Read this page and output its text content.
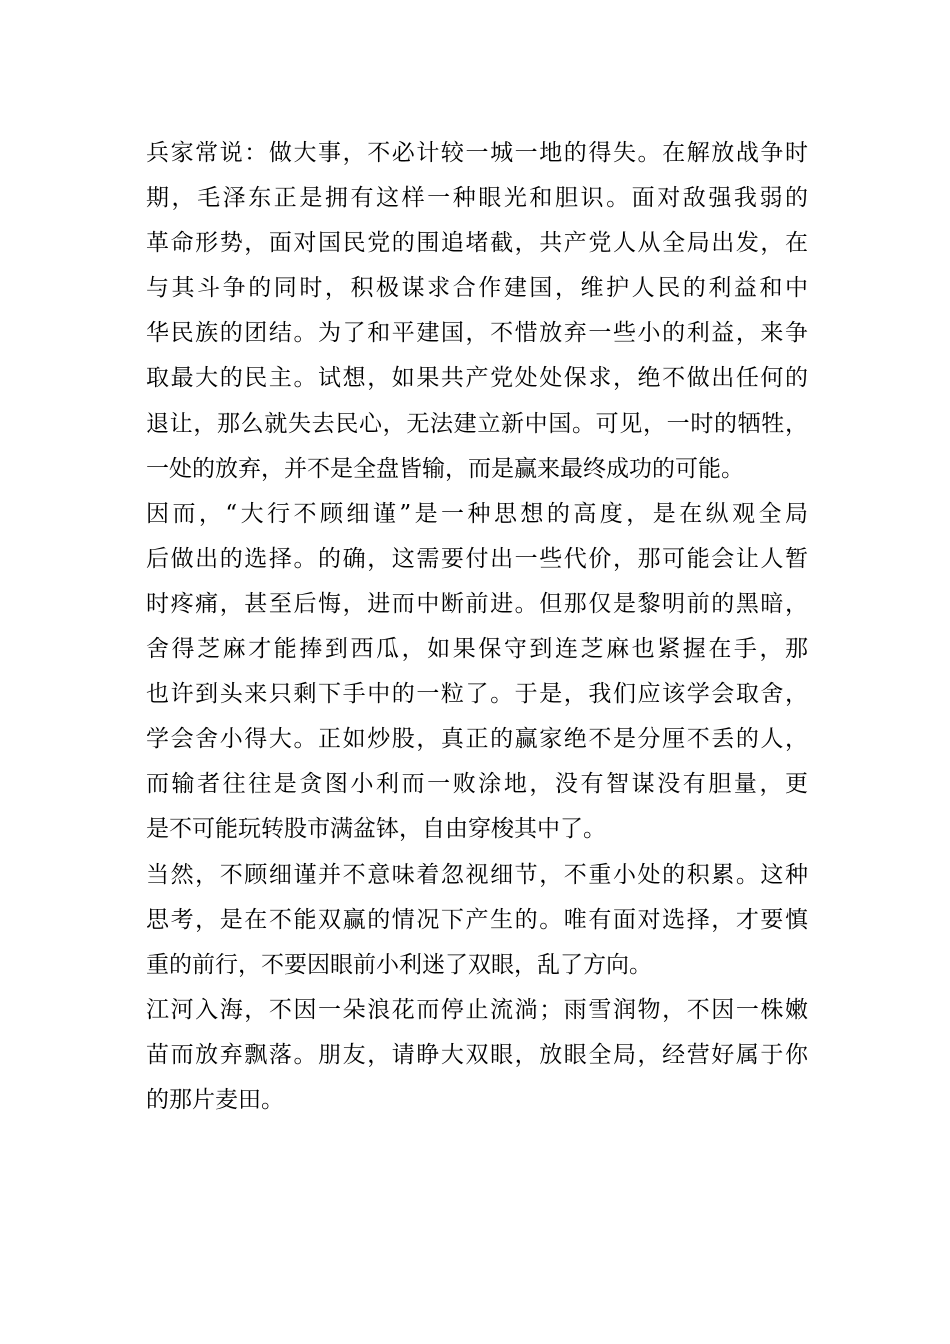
兵家常说：做大事，不必计较一城一地的得失。在解放战争时
期，毛泽东正是拥有这样一种眼光和胆识。面对敌强我弱的
革命形势，面对国民党的围追堵截，共产党人从全局出发，在
与其斗争的同时，积极谋求合作建国，维护人民的利益和中
华民族的团结。为了和平建国，不惜放弃一些小的利益，来争
取最大的民主。试想，如果共产党处处保求，绝不做出任何的
退让，那么就失去民心，无法建立新中国。可见，一时的牺牲，
一处的放弃，并不是全盘皆输，而是赢来最终成功的可能。
因而，“大行不顾细谨”是一种思想的高度，是在纵观全局
后做出的选择。的确，这需要付出一些代价，那可能会让人暂
时疼痛，甚至后悔，进而中断前进。但那仅是黎明前的黑暗，
舍得芝麻才能捧到西瓜，如果保守到连芝麻也紧握在手，那
也许到头来只剩下手中的一粒了。于是，我们应该学会取舍，
学会舍小得大。正如炒股，真正的赢家绝不是分厘不丢的人，
而输者往往是贪图小利而一败涂地，没有智谋没有胆量，更
是不可能玩转股市满盆钵，自由穿梭其中了。
当然，不顾细谨并不意味着忽视细节，不重小处的积累。这种
思考，是在不能双赢的情况下产生的。唯有面对选择，才要慎
重的前行，不要因眼前小利迷了双眼，乱了方向。
江河入海，不因一朵浪花而停止流淌；雨雪润物，不因一株嫩
苗而放弃飘落。朋友，请睁大双眼，放眼全局，经营好属于你
的那片麦田。
